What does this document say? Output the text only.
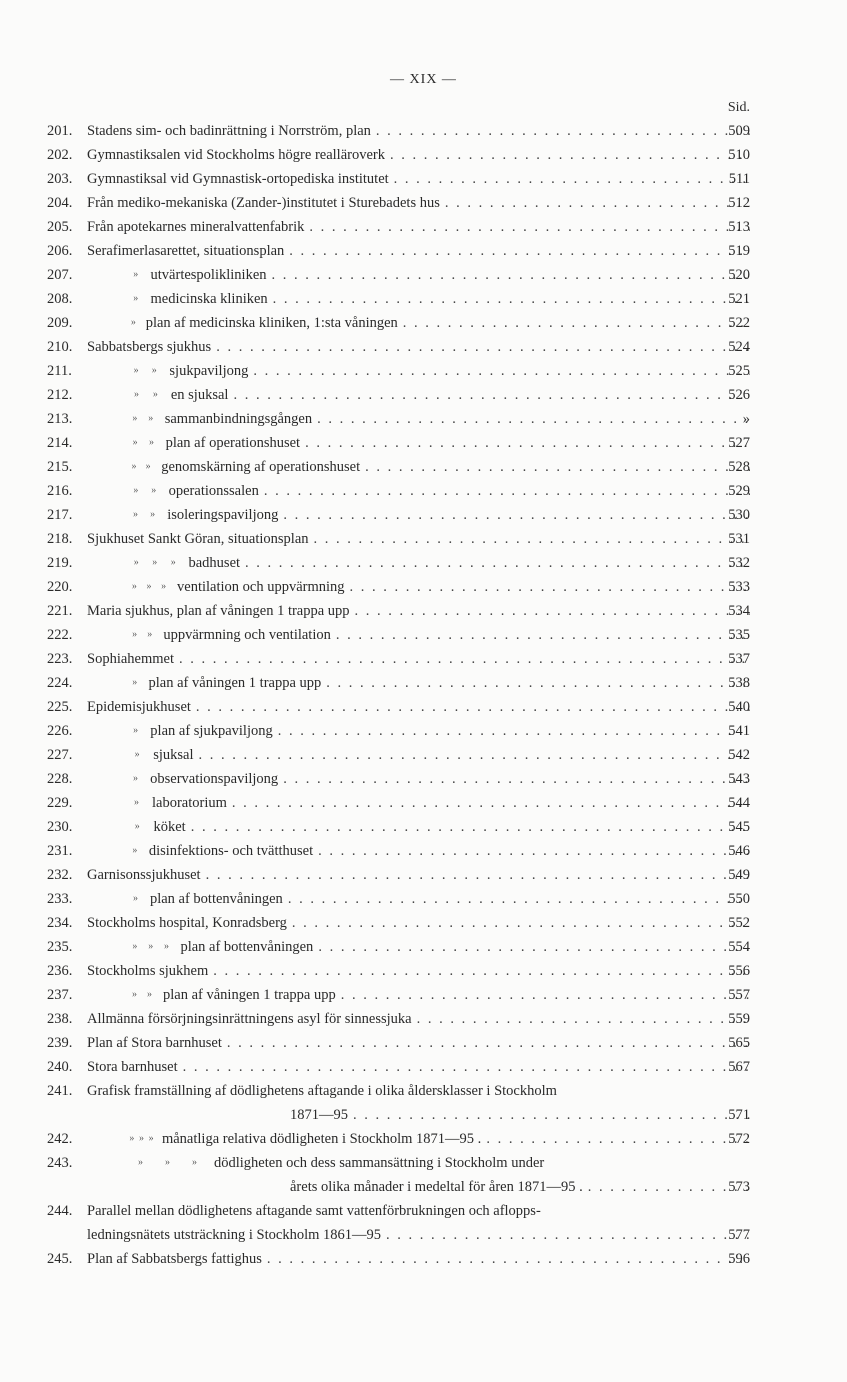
— XIX —
Sid.
201.	Stadens sim- och badinrättning i Norrström, plan . . .	509
202.	Gymnastiksalen vid Stockholms högre realläroverk . . .	510
203.	Gymnastiksal vid Gymnastisk-ortopediska institutet . . .	511
204.	Från mediko-mekaniska (Zander-)institutet i Sturebadets hus . . .	512
205.	Från apotekarnes mineralvattenfabrik . . .	513
206.	Serafimerlasarettet, situationsplan . . .	519
207.	» utvärtespolikliniken . . .	520
208.	» medicinska kliniken . . .	521
209.	» plan af medicinska kliniken, 1:sta våningen . . .	522
210.	Sabbatsbergs sjukhus . . .	524
211.	»	» sjukpaviljong . . .	525
212.	»	» en sjuksal . . .	526
213.	»	» sammanbindningsgången . . .	»
214.	»	» plan af operationshuset . . .	527
215.	» » genomskärning af operationshuset . . .	528
216.	»	» operationssalen . . .	529
217.	»	» isoleringspaviljong . . .	530
218.	Sjukhuset Sankt Göran, situationsplan . . .	531
219.	»	»	» badhuset . . .	532
220.	» » » ventilation och uppvärmning . . .	533
221.	Maria sjukhus, plan af våningen 1 trappa upp . . .	534
222.	»	» uppvärmning och ventilation . . .	535
223.	Sophiahemmet . . .	537
224.	» plan af våningen 1 trappa upp . . .	538
225.	Epidemisjukhuset . . .	540
226.	» plan af sjukpaviljong . . .	541
227.	» sjuksal . . .	542
228.	» observationspaviljong . . .	543
229.	» laboratorium . . .	544
230.	» köket . . .	545
231.	» disinfektions- och tvätthuset . . .	546
232.	Garnisonssjukhuset . . .	549
233.	» plan af bottenvåningen . . .	550
234.	Stockholms hospital, Konradsberg . . .	552
235.	»	»	» plan af bottenvåningen . . .	554
236.	Stockholms sjukhem . . .	556
237.	»	» plan af våningen 1 trappa upp . . .	557
238.	Allmänna försörjningsinrättningens asyl för sinnessjuka . . .	559
239.	Plan af Stora barnhuset . . .	565
240.	Stora barnhuset . . .	567
241.	Grafisk framställning af dödlighetens aftagande i olika åldersklasser i Stockholm
1871—95 . . .	571
242.	» » » månatliga relativa dödligheten i Stockholm 1871—95 . . . .	572
243.	»	»	»	dödligheten och dess sammansättning i Stockholm under
årets olika månader i medeltal för åren 1871—95 . . . .	573
244.	Parallel mellan dödlighetens aftagande samt vattenförbrukningen och aflopps-
ledningsnätets utsträckning i Stockholm 1861—95 . . .	577
245.	Plan af Sabbatsbergs fattighus . . .	596
